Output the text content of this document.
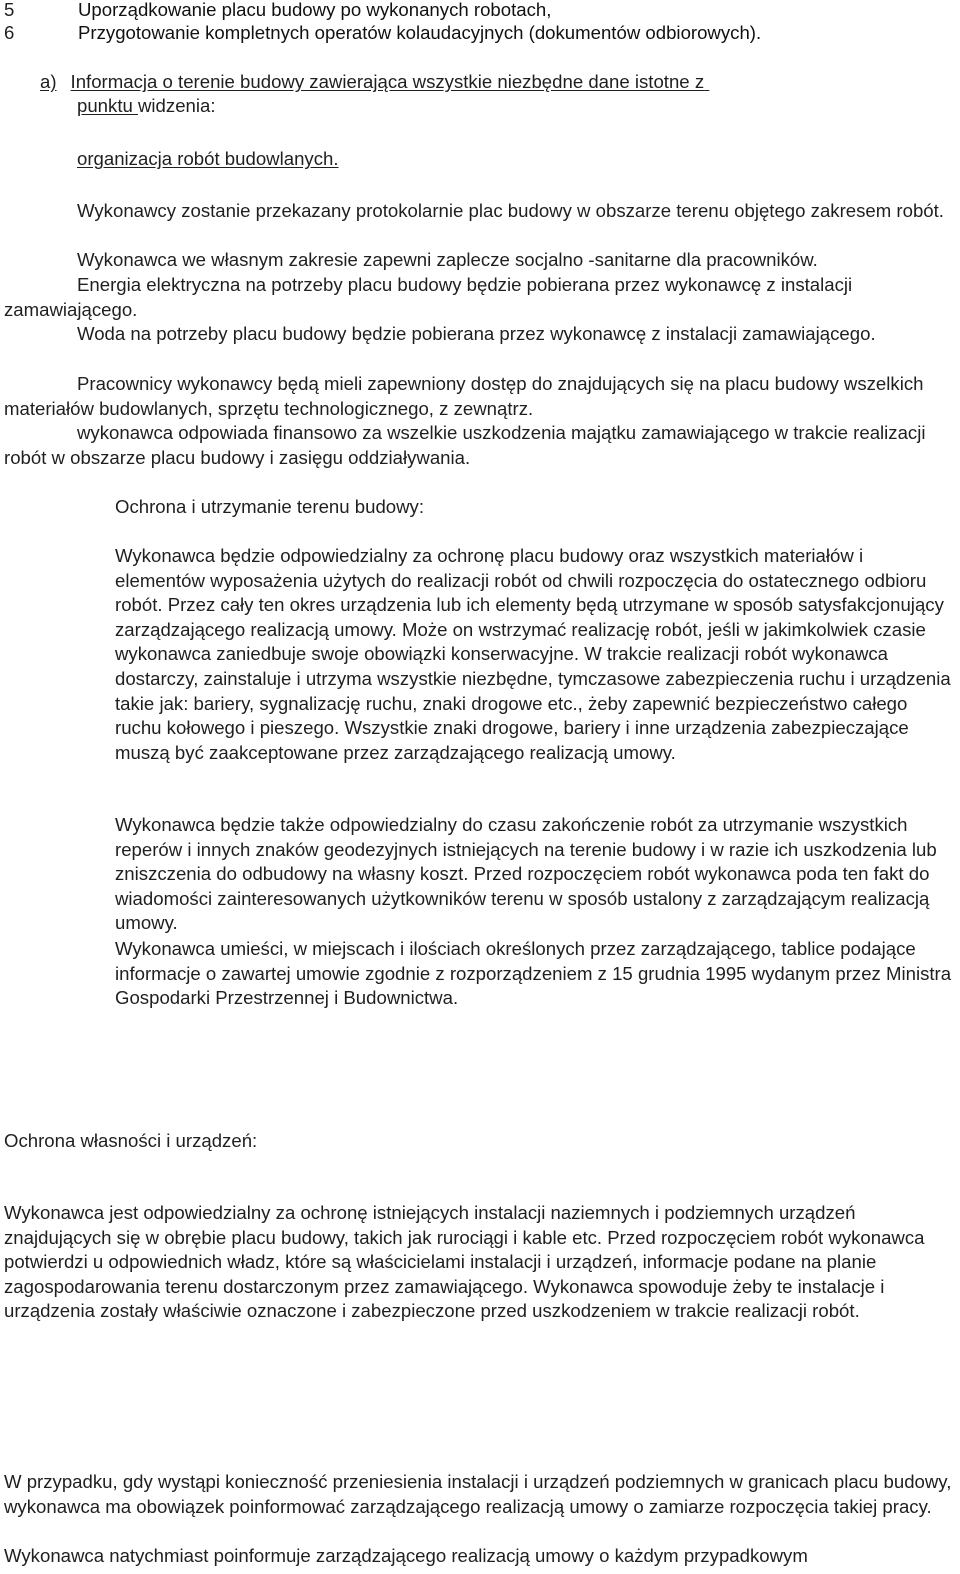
5	Uporządkowanie placu budowy po wykonanych robotach,
6	Przygotowanie kompletnych operatów kolaudacyjnych (dokumentów odbiorowych).
a) Informacja o terenie budowy zawierająca wszystkie niezbędne dane istotne z
punktu widzenia:
organizacja robót budowlanych.
Wykonawcy zostanie przekazany protokolarnie plac budowy w obszarze terenu objętego zakresem robót.
Wykonawca we własnym zakresie zapewni zaplecze socjalno -sanitarne dla pracowników.
Energia elektryczna na potrzeby placu budowy będzie pobierana przez wykonawcę z instalacji zamawiającego.
Woda na potrzeby placu budowy będzie pobierana przez wykonawcę z instalacji zamawiającego.
Pracownicy wykonawcy będą mieli zapewniony dostęp do znajdujących się na placu budowy wszelkich materiałów budowlanych, sprzętu technologicznego, z zewnątrz.
wykonawca odpowiada finansowo za wszelkie uszkodzenia majątku zamawiającego w trakcie realizacji robót w obszarze placu budowy i zasięgu oddziaływania.
Ochrona i utrzymanie terenu budowy:
Wykonawca będzie odpowiedzialny za ochronę placu budowy oraz wszystkich materiałów i elementów wyposażenia użytych do realizacji robót od chwili rozpoczęcia do ostatecznego odbioru robót. Przez cały ten okres urządzenia lub ich elementy będą utrzymane w sposób satysfakcjonujący zarządzającego realizacją umowy. Może on wstrzymać realizację robót, jeśli w jakimkolwiek czasie wykonawca zaniedbuje swoje obowiązki konserwacyjne. W trakcie realizacji robót wykonawca dostarczy, zainstaluje i utrzyma wszystkie niezbędne, tymczasowe zabezpieczenia ruchu i urządzenia takie jak: bariery, sygnalizację ruchu, znaki drogowe etc., żeby zapewnić bezpieczeństwo całego ruchu kołowego i pieszego. Wszystkie znaki drogowe, bariery i inne urządzenia zabezpieczające muszą być zaakceptowane przez zarządzającego realizacją umowy.
Wykonawca będzie także odpowiedzialny do czasu zakończenie robót za utrzymanie wszystkich reperów i innych znaków geodezyjnych istniejących na terenie budowy i w razie ich uszkodzenia lub zniszczenia do odbudowy na własny koszt. Przed rozpoczęciem robót wykonawca poda ten fakt do wiadomości zainteresowanych użytkowników terenu w sposób ustalony z zarządzającym realizacją umowy.
Wykonawca umieści, w miejscach i ilościach określonych przez zarządzającego, tablice podające informacje o zawartej umowie zgodnie z rozporządzeniem z 15 grudnia 1995 wydanym przez Ministra Gospodarki Przestrzennej i Budownictwa.
Ochrona własności i urządzeń:
Wykonawca jest odpowiedzialny za ochronę istniejących instalacji naziemnych i podziemnych urządzeń znajdujących się w obrębie placu budowy, takich jak rurociągi i kable etc. Przed rozpoczęciem robót wykonawca potwierdzi u odpowiednich władz, które są właścicielami instalacji i urządzeń, informacje podane na planie zagospodarowania terenu dostarczonym przez zamawiającego. Wykonawca spowoduje żeby te instalacje i urządzenia zostały właściwie oznaczone i zabezpieczone przed uszkodzeniem w trakcie realizacji robót.
W przypadku, gdy wystąpi konieczność przeniesienia instalacji i urządzeń podziemnych w granicach placu budowy, wykonawca ma obowiązek poinformować zarządzającego realizacją umowy o zamiarze rozpoczęcia takiej pracy.
Wykonawca natychmiast poinformuje zarządzającego realizacją umowy o każdym przypadkowym
